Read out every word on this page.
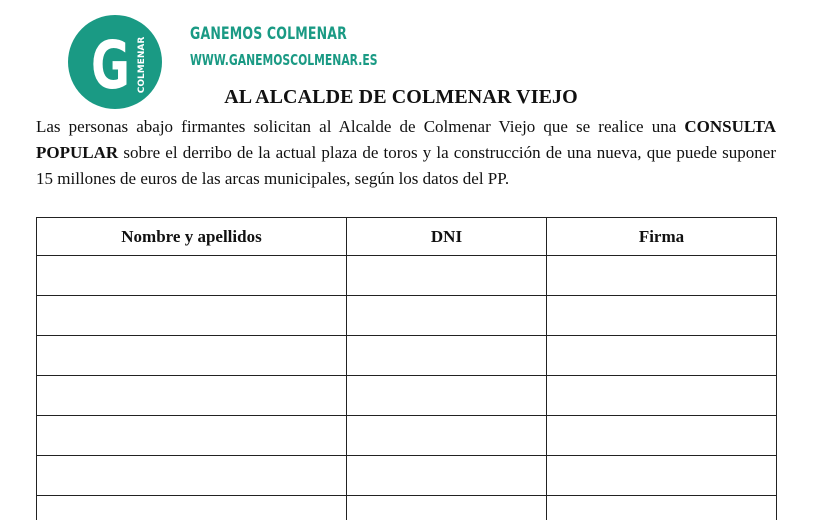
G COLMENAR
GANEMOS COLMENAR
WWW.GANEMOSCOLMENAR.ES
AL ALCALDE DE COLMENAR VIEJO

Las personas abajo firmantes solicitan al Alcalde de Colmenar Viejo que se realice una CONSULTA POPULAR sobre el derribo de la actual plaza de toros y la construcción de una nueva, que puede suponer 15 millones de euros de las arcas municipales, según los datos del PP.

Nombre y apellidos	DNI	Firma
